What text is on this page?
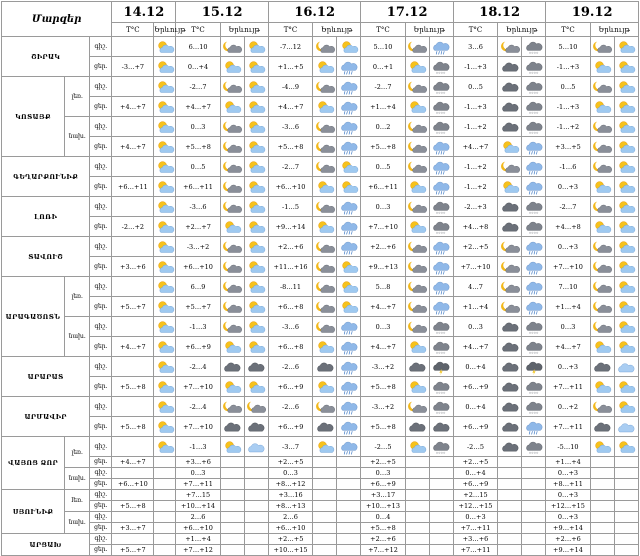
Մարզեր			14.12		15.12			16.12			17.12			18.12			19.12		
			T°C	Երևույթ	T°C	Երևույթ		T°C	Երևույթ		T°C	Երևույթ		T°C	Երևույթ		T°C	Երևույթ	
ՇԻՐԱԿ		գիշ.			6…10			-7…12			5…10			3…6			5…10		
		ցեր.	-3…+7		0…+4			+1…+5			0…+1			-1…+3			-1…+3		
ԿՈՏԱՅՔ	լեռ.	գիշ.			-2…7			-4…9			-2…7			0…5			0…5		
		ցեր.	+4…+7		+4…+7			+4…+7			+1…+4			-1…+3			-1…+3		
	նախ.	գիշ.			0…3			-3…6			0…2			-1…+2			-1…+2		
		ցեր.	+4…+7		+5…+8			+5…+8			+5…+8			+4…+7			+3…+5		
ԳԵՂԱՐՔՈՒՆԻՔ		գիշ.			0…5			-2…7			0…5			-1…+2			-1…6		
		ցեր.	+6…+11		+6…+11			+6…+10			+6…+11			-1…+2			0…+3		
ԼՈՌԻ		գիշ.			-3…6			-1…5			0…3			-2…+3			-2…7		
		ցեր.	-2…+2		+2…+7			+9…+14			+7…+10			+4…+8			+4…+8		
ՏԱՎՈՒՇ		գիշ.			-3…+2			+2…+6			+2…+6			+2…+5			0…+3		
		ցեր.	+3…+6		+6…+10			+11…+16			+9…+13			+7…+10			+7…+10		
ԱՐԱԳԱԾՈՏՆ	լեռ.	գիշ.			6…9			-8…11			5…8			4…7			7…10		
		ցեր.	+5…+7		+5…+7			+6…+8			+4…+7			+1…+4			+1…+4		
	նախ.	գիշ.			-1…3			-3…6			0…3			0…3			0…3		
		ցեր.	+4…+7		+6…+9			+6…+8			+4…+7			+4…+7			+4…+7		
ԱՐԱՐԱՏ		գիշ.			-2…4			-2…6			-3…+2			0…+4			0…+3		
		ցեր.	+5…+8		+7…+10			+6…+9			+5…+8			+6…+9			+7…+11		
ԱՐՄԱՎԻՐ		գիշ.			-2…4			-2…6			-3…+2			0…+4			0…+2		
		ցեր.	+5…+8		+7…+10			+6…+9			+5…+8			+6…+9			+7…+11		
ՎԱՅՈՑ ՁՈՐ	լեռ.	գիշ.			-1…3			-3…7			-2…5			-2…5			-5…10		
		ցեր.	+4…+7		+3…+6			+2…+5			+2…+5			+2…+5			+1…+4		
	նախ.	գիշ.			0…3			0…3			0…3			0…+4			0…+3		
		ցեր.	+6…+10		+7…+11			+8…+12			+6…+9			+6…+9			+8…+11		
ՍՅՈՒՆԻՔ	lեռ.	գիշ.			+7…15			+3…16			+3…17			+2…15			0…+3		
		ցեր.	+5…+8		+10…+14			+8…+13			+10…+13			+12…+15			+12…+15		
	նախ.	գիշ.			2…6			2…6			0…4			0…+3			0…+3		
		ցեր.	+3…+7		+6…+10			+6…+10			+5…+8			+7…+11			+9…+14		
ԱՐՑԱԽ		գիշ.			+1…+4			+2…+5			+2…+6			+3…+6			+2…+6		
		ցեր.	+5…+7		+7…+12			+10…+15			+7…+12			+7…+11			+9…+14		
